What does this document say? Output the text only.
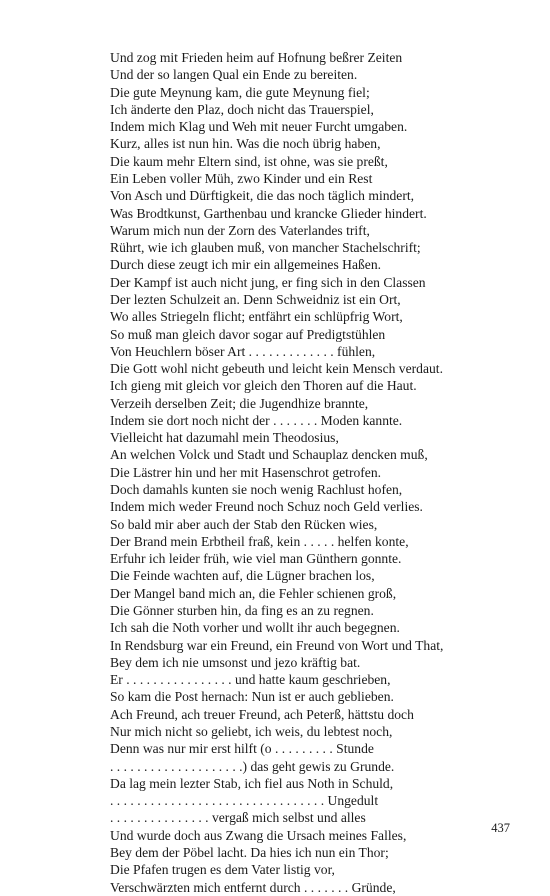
Und zog mit Frieden heim auf Hofnung beßrer Zeiten
Und der so langen Qual ein Ende zu bereiten.
Die gute Meynung kam, die gute Meynung fiel;
Ich änderte den Plaz, doch nicht das Trauerspiel,
Indem mich Klag und Weh mit neuer Furcht umgaben.
Kurz, alles ist nun hin. Was die noch übrig haben,
Die kaum mehr Eltern sind, ist ohne, was sie preßt,
Ein Leben voller Müh, zwo Kinder und ein Rest
Von Asch und Dürftigkeit, die das noch täglich mindert,
Was Brodtkunst, Garthenbau und krancke Glieder hindert.
Warum mich nun der Zorn des Vaterlandes trift,
Rührt, wie ich glauben muß, von mancher Stachelschrift;
Durch diese zeugt ich mir ein allgemeines Haßen.
Der Kampf ist auch nicht jung, er fing sich in den Classen
Der lezten Schulzeit an. Denn Schweidniz ist ein Ort,
Wo alles Striegeln flicht; entfährt ein schlüpfrig Wort,
So muß man gleich davor sogar auf Predigtstühlen
Von Heuchlern böser Art . . . . . . . . . . . . . fühlen,
Die Gott wohl nicht gebeuth und leicht kein Mensch verdaut.
Ich gieng mit gleich vor gleich den Thoren auf die Haut.
Verzeih derselben Zeit; die Jugendhize brannte,
Indem sie dort noch nicht der . . . . . . . Moden kannte.
Vielleicht hat dazumahl mein Theodosius,
An welchen Volck und Stadt und Schauplaz dencken muß,
Die Lästrer hin und her mit Hasenschrot getrofen.
Doch damahls kunten sie noch wenig Rachlust hofen,
Indem mich weder Freund noch Schuz noch Geld verlies.
So bald mir aber auch der Stab den Rücken wies,
Der Brand mein Erbtheil fraß, kein . . . . . helfen konte,
Erfuhr ich leider früh, wie viel man Günthern gonnte.
Die Feinde wachten auf, die Lügner brachen los,
Der Mangel band mich an, die Fehler schienen groß,
Die Gönner sturben hin, da fing es an zu regnen.
Ich sah die Noth vorher und wollt ihr auch begegnen.
In Rendsburg war ein Freund, ein Freund von Wort und That,
Bey dem ich nie umsonst und jezo kräftig bat.
Er . . . . . . . . . . . . . . . . und hatte kaum geschrieben,
So kam die Post hernach: Nun ist er auch geblieben.
Ach Freund, ach treuer Freund, ach Peterß, hättstu doch
Nur mich nicht so geliebt, ich weis, du lebtest noch,
Denn was nur mir erst hilft (o . . . . . . . . . Stunde
. . . . . . . . . . . . . . . . . . . .) das geht gewis zu Grunde.
Da lag mein lezter Stab, ich fiel aus Noth in Schuld,
. . . . . . . . . . . . . . . . . . . . . . . . . . . . . . . . Ungedult
. . . . . . . . . . . . . . . vergaß mich selbst und alles
Und wurde doch aus Zwang die Ursach meines Falles,
Bey dem der Pöbel lacht. Da hies ich nun ein Thor;
Die Pfafen trugen es dem Vater listig vor,
Verschwärzten mich entfernt durch . . . . . . . Gründe,
437
